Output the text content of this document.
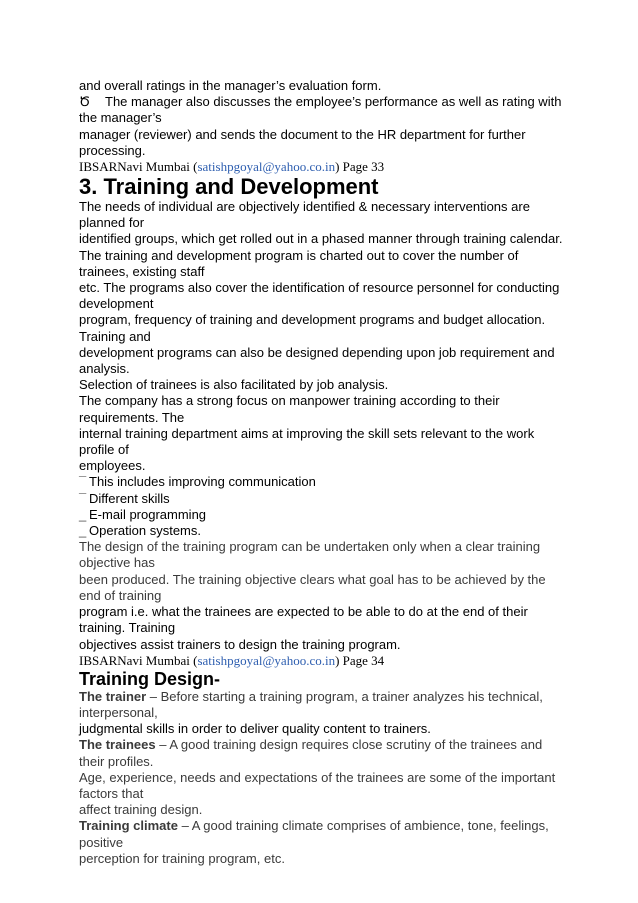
and overall ratings in the manager’s evaluation form.
Ծ The manager also discusses the employee’s performance as well as rating with
the manager’s
manager (reviewer) and sends the document to the HR department for further
processing.
IBSARNavi Mumbai (satishpgoyal@yahoo.co.in) Page 33
3. Training and Development
The needs of individual are objectively identified & necessary interventions are
planned for
identified groups, which get rolled out in a phased manner through training calendar.
The training and development program is charted out to cover the number of
trainees, existing staff
etc. The programs also cover the identification of resource personnel for conducting
development
program, frequency of training and development programs and budget allocation.
Training and
development programs can also be designed depending upon job requirement and
analysis.
Selection of trainees is also facilitated by job analysis.
The company has a strong focus on manpower training according to their
requirements. The
internal training department aims at improving the skill sets relevant to the work
profile of
employees.
¯ This includes improving communication
¯ Different skills
_ E-mail programming
_ Operation systems.
The design of the training program can be undertaken only when a clear training
objective has
been produced. The training objective clears what goal has to be achieved by the
end of training
program i.e. what the trainees are expected to be able to do at the end of their
training. Training
objectives assist trainers to design the training program.
IBSARNavi Mumbai (satishpgoyal@yahoo.co.in) Page 34
Training Design-
The trainer – Before starting a training program, a trainer analyzes his technical,
interpersonal,
judgmental skills in order to deliver quality content to trainers.
The trainees – A good training design requires close scrutiny of the trainees and
their profiles.
Age, experience, needs and expectations of the trainees are some of the important
factors that
affect training design.
Training climate – A good training climate comprises of ambience, tone, feelings,
positive
perception for training program, etc.
